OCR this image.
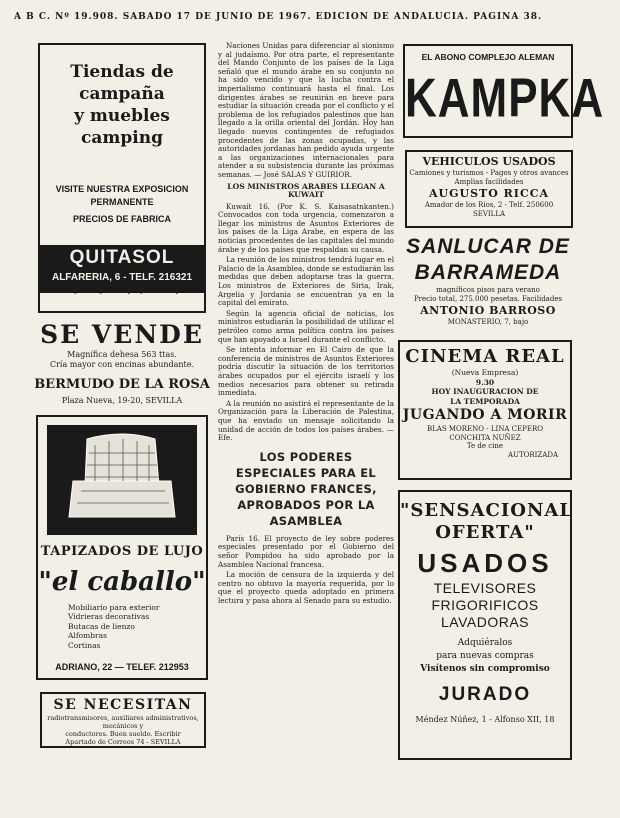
A B C. Nº 19.908. SABADO 17 DE JUNIO DE 1967. EDICION DE ANDALUCIA. PAGINA 38.
Tiendas de campaña
y muebles camping
VISITE NUESTRA EXPOSICION
PERMANENTE
PRECIOS DE FABRICA
QUITASOL
ALFARERIA, 6 - TELF. 216321
SE VENDE
Magnífica dehesa 563 ttas.
Cría mayor con encinas abundante.
BERMUDO DE LA ROSA
Plaza Nueva, 19-20, SEVILLA
TAPIZADOS DE LUJO
"el caballo"
Mobiliario para exterior
Vidrieras decorativas
Butacas de lienzo
Alfombras
Cortinas
ADRIANO, 22 — TELEF. 212953
SE NECESITAN
radiotransmisores, auxiliares administrativos, mecánicos y
conductores. Buen sueldo. Escribir
Apartado de Correos 74 - SEVILLA

Naciones Unidas para diferenciar al sionismo y al judaísmo. Por otra parte, el representante del Mando Conjunto de los países de la Liga señaló que el mundo árabe en su conjunto no ha sido vencido y que la lucha contra el imperialismo continuará hasta el final. Los dirigentes árabes se reunirán en breve para estudiar la situación creada por el conflicto y el problema de los refugiados palestinos que han llegado a la orilla oriental del Jordán. Hoy han llegado nuevos contingentes de refugiados procedentes de las zonas ocupadas, y las autoridades jordanas han pedido ayuda urgente a las organizaciones internacionales para atender a su subsistencia durante las próximas semanas. — José SALAS Y GUIRIOR.

LOS MINISTROS ARABES LLEGAN A KUWAIT

Kuwait 16. (Por K. S. Kaisasatnkanten.) Convocados con toda urgencia, comenzaron a llegar los ministros de Asuntos Exteriores de los países de la Liga Arabe, en espera de las noticias procedentes de las capitales del mundo árabe y de los países que respaldan su causa.

La reunión de los ministros tendrá lugar en el Palacio de la Asamblea, donde se estudiarán las medidas que deben adoptarse tras la guerra. Los ministros de Exteriores de Siria, Irak, Argelia y Jordania se encuentran ya en la capital del emirato.

Según la agencia oficial de noticias, los ministros estudiarán la posibilidad de utilizar el petróleo como arma política contra los países que han apoyado a Israel durante el conflicto.

Se intenta informar en El Cairo de que la conferencia de ministros de Asuntos Exteriores podría discutir la situación de los territorios árabes ocupados por el ejército israelí y los medios necesarios para obtener su retirada inmediata.

A la reunión no asistirá el representante de la Organización para la Liberación de Palestina, que ha enviado un mensaje solicitando la unidad de acción de todos los países árabes. — Efe.

LOS PODERES ESPECIALES PARA EL GOBIERNO FRANCES, APROBADOS POR LA ASAMBLEA

París 16. El proyecto de ley sobre poderes especiales presentado por el Gobierno del señor Pompidou ha sido aprobado por la Asamblea Nacional francesa.

La moción de censura de la izquierda y del centro no obtuvo la mayoría requerida, por lo que el proyecto queda adoptado en primera lectura y pasa ahora al Senado para su estudio.

EL ABONO COMPLEJO ALEMAN
KAMPKA
VEHICULOS USADOS
Camiones y turismos - Pagos y otros avances
Amplias facilidades
AUGUSTO RICCA
Amador de los Ríos, 2 - Telf. 250600
SEVILLA
SANLUCAR DE
BARRAMEDA
magníficos pisos para verano
Precio total, 275.000 pesetas. Facilidades
ANTONIO BARROSO
MONASTERIO, 7, bajo
CINEMA REAL
(Nueva Empresa)
9.30
HOY INAUGURACION DE
LA TEMPORADA
JUGANDO A MORIR
BLAS MORENO - LINA CEPERO
CONCHITA NUÑEZ
Te de cine
AUTORIZADA
"SENSACIONAL
OFERTA"
USADOS
TELEVISORES
FRIGORIFICOS
LAVADORAS
Adquiéralos
para nuevas compras
Visítenos sin compromiso
JURADO
Méndez Núñez, 1 - Alfonso XII, 18
